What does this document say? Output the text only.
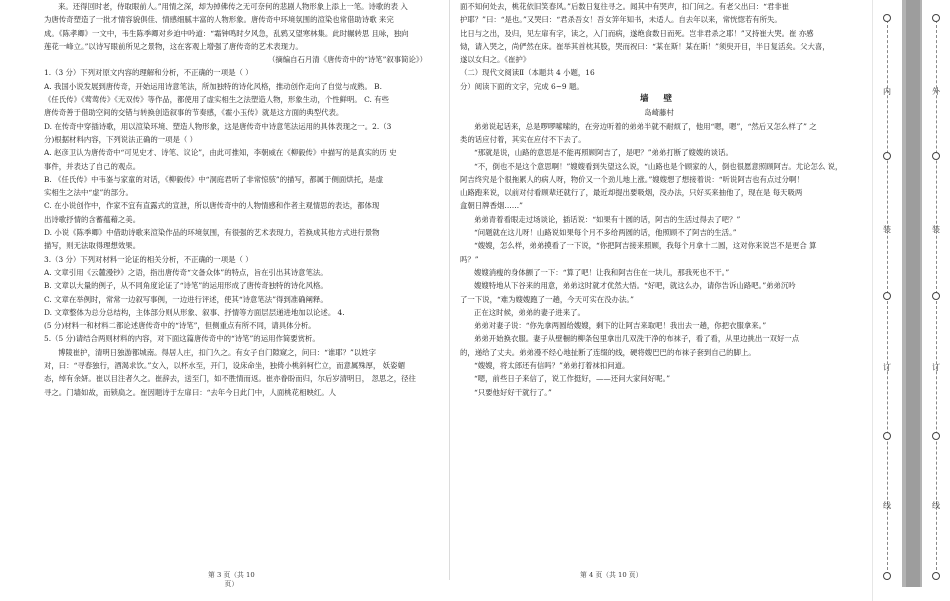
来。还得回时老，侍取眼前人。”用情之深，却为掉佛传之无可奈何的悲剧人物形象上添上一笔。诗歌的表 入

为唐传奇塑造了一批才情容貌俱佳、情感细腻丰富的人物形象。唐传奇中环境氛围的渲染也常借助诗歌 来完

成。《陈孝卿》一文中，韦生陈季卿对乡迫中吟道：“霜钟鸣时夕风急，乱鸦又望寒林集。此时辗转思 且咏，独向

莲花一峰立。”以诗写眼前所见之景物，这在客观上增强了唐传奇的艺术表现力。

（摘编自石月清《唐传奇中的“诗笔”叙事简论》）

1.（3 分）下列对原文内容的理解和分析，不正确的一项是（ ）

A. 我国小说发展到唐传奇，开始运用诗意笔法，所加独特的诗化风格，推动创作走向了自觉与成熟。 B.

《任氏传》《莺莺传》《无双传》等作品，都使用了虚实相生之法塑造人物，形象生动，个性鲜明。 C. 有些

唐传奇善于借助空间的交错与转换创造叙事的节奏感，《霍小玉传》就是这方面的典型代表。

D. 在传奇中穿插诗歌，用以渲染环境、塑造人物形象，这是唐传奇中诗意笔法运用的具体表现之一。2.（3

分)根据材料内容，下列说法正确的一项是（ ）

A. 赵彦卫认为唐传奇中“可见史才、诗笔、议论”，由此可推知，李朝威在《柳毅传》中描写的是真实的历 史

事件，并表达了自己的观点。

B. 《任氏传》中韦崟与家童的对话，《柳毅传》中“洞庭君听了非常惊骇”的描写，都属于侧面烘托，是虚

实相生之法中“虚”的部分。

C. 在小说创作中，作家不宜有直露式的宣泄，所以唐传奇中的人物情感和作者主观情思的表达，都体现

出诗歌抒情的含蓄蕴藉之美。

D. 小说《陈季卿》中借助诗歌来渲染作品的环境氛围，有很强的艺术表现力，若换成其他方式进行景物

描写，则无法取得理想效果。

3.（3 分）下列对材料一论证的相关分析，不正确的一项是（ ）

A. 文章引用《云麓漫钞》之语，指出唐传奇“文备众体”的特点，旨在引出其诗意笔法。

B. 文章以大量的例子，从不同角度论证了“诗笔”的运用形成了唐传奇独特的诗化风格。

C. 文章在举例时，常常一边叙写事例，一边进行评述，使其“诗意笔法”得到准确阐释。

D. 文章整体为总分总结构，主体部分则从形象、叙事、抒情等方面层层递进地加以论述。 4.

(5 分)材料一和材料二都论述唐传奇中的“诗笔”，但侧重点有所不同，请具体分析。

5.（5 分)请结合两则材料的内容，对下面这篇唐传奇中的“诗笔”的运用作简要赏析。

博陵崔护，清明日独游都城南。得居人庄，扣门久之。有女子自门隙窥之，问曰：“谁耶？”以姓字

对，曰：“寻春独行，酒渴求饮。”女入，以杯水至，开门，设床命坐，独倚小桃斜柯伫立，而意属殊厚， 妖姿媚

态，绰有余妍。崔以目注者久之。崔辞去，送至门，如不胜情而返。崔亦眷盼而归，尔后岁清明日， 忽思之，径往

寻之。门墙如故，而锁扃之。崔因题诗于左扉曰：“去年今日此门中，人面桃花相映红。人

第 3 页（共 10
页）

面不知何处去，桃花依旧笑春风。”后数日复往寻之。闻其中有哭声，扣门问之。有老父出曰：“君非崔

护耶？”曰：“是也。”又哭曰：“君杀吾女！吾女笄年知书，未适人。自去年以来，常恍惚若有所失。

比日与之出，及归，见左扉有字，读之，入门而病，遂绝食数日而死。岂非君杀之耶！”又持崔大哭。崔 亦感

恸，请入哭之，尚俨然在床。崔举其首枕其股，哭而祝曰：“某在斯！某在斯！”须臾开目，半日复活矣。父大喜，

遂以女归之。《崔护》

（二）现代文阅读Ⅱ（本题共 4 小题，16

分）阅读下面的文字，完成 6~9 题。

墙 壁

岛崎藤村

弟弟说起话来，总是啰啰嗦嗦的，在旁边听着的弟弟半就不耐烦了，他用“嗯，嗯”，“然后又怎么样了” 之

类的话应付着，其实在应付不下去了。

“那就是说，山路的意思是不能再照顾阿吉了，是吧？”弟弟打断了嫂嫂的谈话。

“不，倒也不是这个意思啊！”嫂嫂看到失望这么说，“山路也是个顾家的人，倒也很愿意照顾阿吉。尤论怎么 说，

阿吉终究是个很拖累人的病人呀，物价又一个劲儿地上涨。”嫂嫂想了想接着说：“听说阿吉也有点过分啊！

山路跑来说，以前对付看顾辈还就行了，最近却提出要吸烟，没办法，只好买来抽他了，现在是 每天吸两

盒朝日牌香烟……”

弟弟青着看眼走过场谈论，插话说：“如果有十圆的话，阿吉的生活过得去了吧？”

“问题就在这儿呀！山路说如果每个月不多给两圆的话，他照顾不了阿吉的生活。”

“嫂嫂，怎么样，弟弟摸看了一下说，“你把阿吉接来照顾，我每个月拿十二圆，这对你来说岂不是更合 算

吗？”

嫂嫂消瘦的身体颤了一下：“算了吧！让我和阿吉住在一块儿，那我死也不干。”

嫂嫂特地从下谷来的用意，弟弟这时就才优然大悟。“好吧，就这么办，请你告诉山路吧。”弟弟沉吟

了一下说，“难为嫂嫂跑了一趟，今天可实在没办法。”

正在这时候，弟弟的妻子进来了。

弟弟对妻子说：“你先拿两圆给嫂嫂，剩下的让阿吉来取吧！我出去一趟，你把衣服拿来。”

弟弟开始换衣服。妻子从壁橱的柳条包里拿出几双洗干净的布袜子，看了看，从里边挑出一双好一点

的，递给了丈夫。弟弟漫不经心地扯断了连缀的线，硬将嫂巴巴的布袜子套到自己的脚上。

“嫂嫂，将太郎还有信吗？”弟弟打着袜扣问道。

“嗯，前些日子来信了，说工作挺好，——还问大家问好呢。”

“只要他好好干就行了。”

第 4 页（共 10 页）
内
装
订
线
外
装
订
线
